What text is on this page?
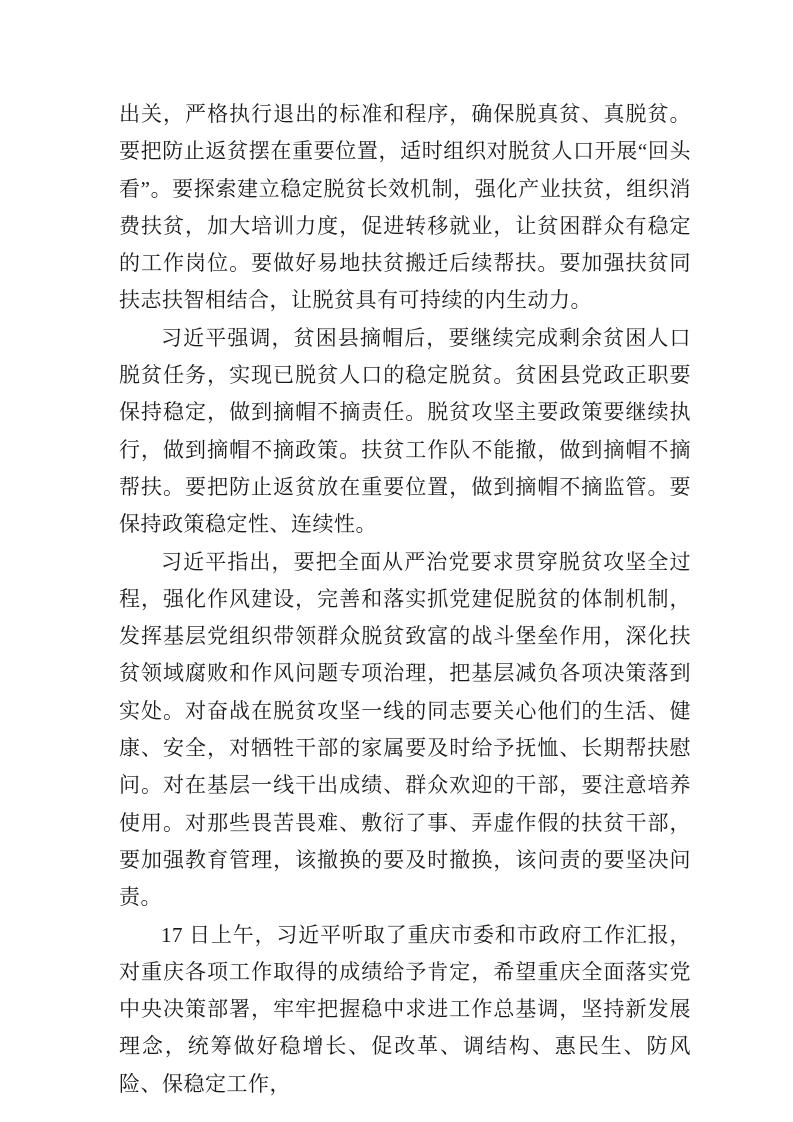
出关，严格执行退出的标准和程序，确保脱真贫、真脱贫。要把防止返贫摆在重要位置，适时组织对脱贫人口开展“回头看”。要探索建立稳定脱贫长效机制，强化产业扶贫，组织消费扶贫，加大培训力度，促进转移就业，让贫困群众有稳定的工作岗位。要做好易地扶贫搬迁后续帮扶。要加强扶贫同扶志扶智相结合，让脱贫具有可持续的内生动力。

习近平强调，贫困县摘帽后，要继续完成剩余贫困人口脱贫任务，实现已脱贫人口的稳定脱贫。贫困县党政正职要保持稳定，做到摘帽不摘责任。脱贫攻坚主要政策要继续执行，做到摘帽不摘政策。扶贫工作队不能撤，做到摘帽不摘帮扶。要把防止返贫放在重要位置，做到摘帽不摘监管。要保持政策稳定性、连续性。

习近平指出，要把全面从严治党要求贯穿脱贫攻坚全过程，强化作风建设，完善和落实抓党建促脱贫的体制机制，发挥基层党组织带领群众脱贫致富的战斗堡垒作用，深化扶贫领域腐败和作风问题专项治理，把基层减负各项决策落到实处。对奋战在脱贫攻坚一线的同志要关心他们的生活、健康、安全，对牺牲干部的家属要及时给予抚恤、长期帮扶慰问。对在基层一线干出成绩、群众欢迎的干部，要注意培养使用。对那些畏苦畏难、敷衍了事、弄虚作假的扶贫干部，要加强教育管理，该撤换的要及时撤换，该问责的要坚决问责。

17 日上午，习近平听取了重庆市委和市政府工作汇报，对重庆各项工作取得的成绩给予肯定，希望重庆全面落实党中央决策部署，牢牢把握稳中求进工作总基调，坚持新发展理念，统筹做好稳增长、促改革、调结构、惠民生、防风险、保稳定工作，
